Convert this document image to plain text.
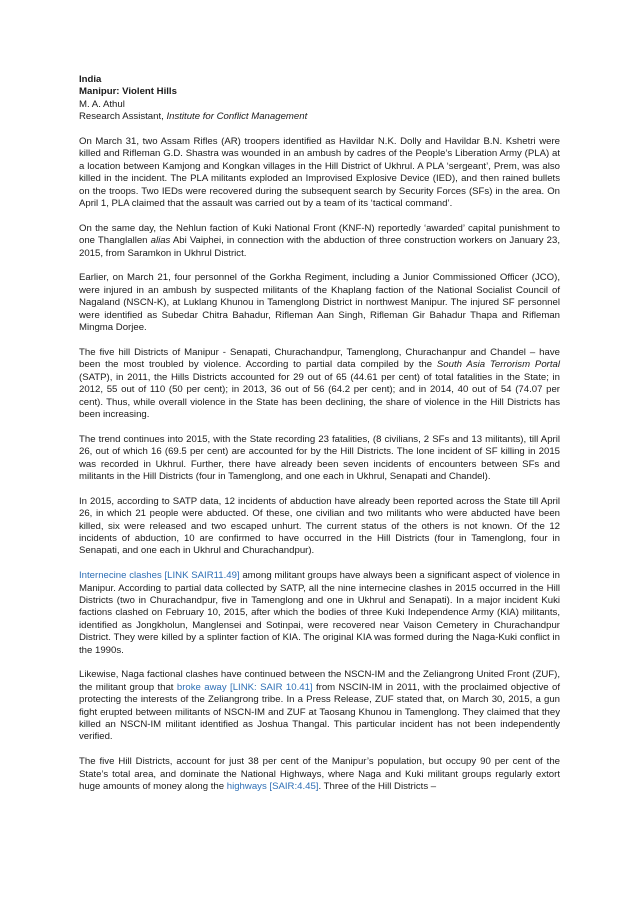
India
Manipur: Violent Hills
M. A. Athul
Research Assistant, Institute for Conflict Management

On March 31, two Assam Rifles (AR) troopers identified as Havildar N.K. Dolly and Havildar B.N. Kshetri were killed and Rifleman G.D. Shastra was wounded in an ambush by cadres of the People’s Liberation Army (PLA) at a location between Kamjong and Kongkan villages in the Hill District of Ukhrul. A PLA ‘sergeant’, Prem, was also killed in the incident. The PLA militants exploded an Improvised Explosive Device (IED), and then rained bullets on the troops. Two IEDs were recovered during the subsequent search by Security Forces (SFs) in the area. On April 1, PLA claimed that the assault was carried out by a team of its ‘tactical command’.

On the same day, the Nehlun faction of Kuki National Front (KNF-N) reportedly ‘awarded’ capital punishment to one Thanglallen alias Abi Vaiphei, in connection with the abduction of three construction workers on January 23, 2015, from Saramkon in Ukhrul District.

Earlier, on March 21, four personnel of the Gorkha Regiment, including a Junior Commissioned Officer (JCO), were injured in an ambush by suspected militants of the Khaplang faction of the National Socialist Council of Nagaland (NSCN-K), at Luklang Khunou in Tamenglong District in northwest Manipur. The injured SF personnel were identified as Subedar Chitra Bahadur, Rifleman Aan Singh, Rifleman Gir Bahadur Thapa and Rifleman Mingma Dorjee.

The five hill Districts of Manipur - Senapati, Churachandpur, Tamenglong, Churachanpur and Chandel – have been the most troubled by violence. According to partial data compiled by the South Asia Terrorism Portal (SATP), in 2011, the Hills Districts accounted for 29 out of 65 (44.61 per cent) of total fatalities in the State; in 2012, 55 out of 110 (50 per cent); in 2013, 36 out of 56 (64.2 per cent); and in 2014, 40 out of 54 (74.07 per cent). Thus, while overall violence in the State has been declining, the share of violence in the Hill Districts has been increasing.

The trend continues into 2015, with the State recording 23 fatalities, (8 civilians, 2 SFs and 13 militants), till April 26, out of which 16 (69.5 per cent) are accounted for by the Hill Districts. The lone incident of SF killing in 2015 was recorded in Ukhrul. Further, there have already been seven incidents of encounters between SFs and militants in the Hill Districts (four in Tamenglong, and one each in Ukhrul, Senapati and Chandel).

In 2015, according to SATP data, 12 incidents of abduction have already been reported across the State till April 26, in which 21 people were abducted. Of these, one civilian and two militants who were abducted have been killed, six were released and two escaped unhurt. The current status of the others is not known. Of the 12 incidents of abduction, 10 are confirmed to have occurred in the Hill Districts (four in Tamenglong, four in Senapati, and one each in Ukhrul and Churachandpur).

Internecine clashes [LINK SAIR11.49] among militant groups have always been a significant aspect of violence in Manipur. According to partial data collected by SATP, all the nine internecine clashes in 2015 occurred in the Hill Districts (two in Churachandpur, five in Tamenglong and one in Ukhrul and Senapati). In a major incident Kuki factions clashed on February 10, 2015, after which the bodies of three Kuki Independence Army (KIA) militants, identified as Jongkholun, Manglensei and Sotinpai, were recovered near Vaison Cemetery in Churachandpur District. They were killed by a splinter faction of KIA. The original KIA was formed during the Naga-Kuki conflict in the 1990s.

Likewise, Naga factional clashes have continued between the NSCN-IM and the Zeliangrong United Front (ZUF), the militant group that broke away [LINK: SAIR 10.41] from NSCIN-IM in 2011, with the proclaimed objective of protecting the interests of the Zeliangrong tribe. In a Press Release, ZUF stated that, on March 30, 2015, a gun fight erupted between militants of NSCN-IM and ZUF at Taosang Khunou in Tamenglong. They claimed that they killed an NSCN-IM militant identified as Joshua Thangal. This particular incident has not been independently verified.

The five Hill Districts, account for just 38 per cent of the Manipur’s population, but occupy 90 per cent of the State’s total area, and dominate the National Highways, where Naga and Kuki militant groups regularly extort huge amounts of money along the highways [SAIR:4.45]. Three of the Hill Districts –
